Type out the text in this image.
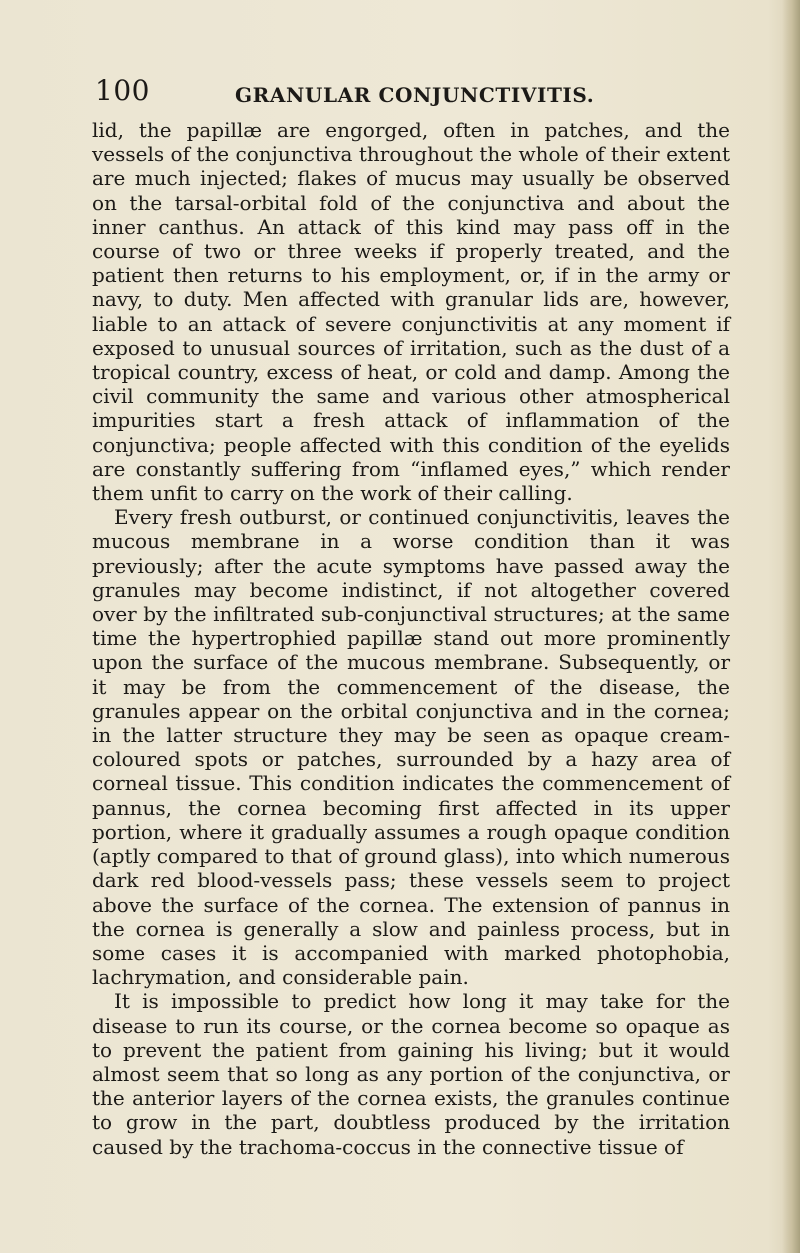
100	GRANULAR CONJUNCTIVITIS.

lid, the papillæ are engorged, often in patches, and the vessels of the conjunctiva throughout the whole of their extent are much injected; flakes of mucus may usually be observed on the tarsal-orbital fold of the conjunctiva and about the inner canthus. An attack of this kind may pass off in the course of two or three weeks if properly treated, and the patient then returns to his employment, or, if in the army or navy, to duty. Men affected with granular lids are, however, liable to an attack of severe conjunctivitis at any moment if exposed to unusual sources of irritation, such as the dust of a tropical country, excess of heat, or cold and damp. Among the civil community the same and various other atmospherical impurities start a fresh attack of inflammation of the conjunctiva; people affected with this condition of the eyelids are constantly suffering from “inflamed eyes,” which render them unfit to carry on the work of their calling.

Every fresh outburst, or continued conjunctivitis, leaves the mucous membrane in a worse condition than it was previously; after the acute symptoms have passed away the granules may become indistinct, if not altogether covered over by the infiltrated sub-conjunctival structures; at the same time the hypertrophied papillæ stand out more prominently upon the surface of the mucous membrane. Subsequently, or it may be from the commencement of the disease, the granules appear on the orbital conjunctiva and in the cornea; in the latter structure they may be seen as opaque cream-coloured spots or patches, surrounded by a hazy area of corneal tissue. This condition indicates the commencement of pannus, the cornea becoming first affected in its upper portion, where it gradually assumes a rough opaque condition (aptly compared to that of ground glass), into which numerous dark red blood-vessels pass; these vessels seem to project above the surface of the cornea. The extension of pannus in the cornea is generally a slow and painless process, but in some cases it is accompanied with marked photophobia, lachrymation, and considerable pain.

It is impossible to predict how long it may take for the disease to run its course, or the cornea become so opaque as to prevent the patient from gaining his living; but it would almost seem that so long as any portion of the conjunctiva, or the anterior layers of the cornea exists, the granules continue to grow in the part, doubtless produced by the irritation caused by the trachoma-coccus in the connective tissue of
